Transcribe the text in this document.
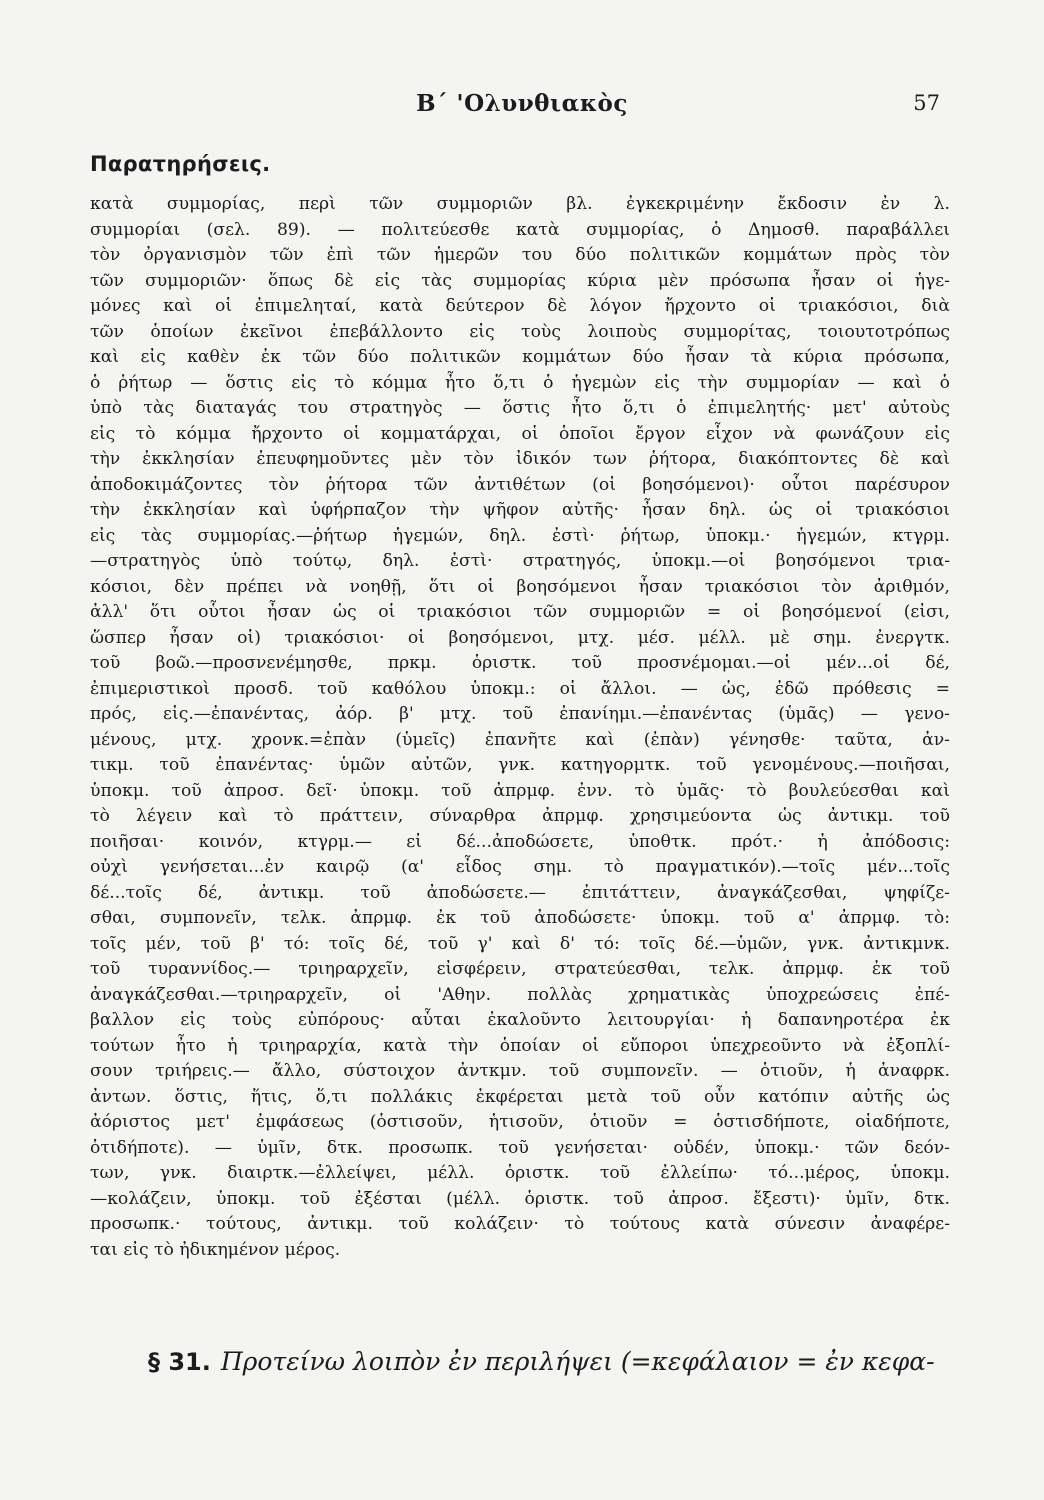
Β΄ 'Ολυνθιακὸς	57
Παρατηρήσεις.
κατὰ συμμορίας, περὶ τῶν συμμοριῶν βλ. ἐγκεκριμένην ἔκδοσιν ἐν λ.
συμμορίαι (σελ. 89). — πολιτεύεσθε κατὰ συμμορίας, ὁ Δημοσθ. παραβάλλει
τὸν ὀργανισμὸν τῶν ἐπὶ τῶν ἡμερῶν του δύο πολιτικῶν κομμάτων πρὸς τὸν
τῶν συμμοριῶν· ὅπως δὲ εἰς τὰς συμμορίας κύρια μὲν πρόσωπα ἦσαν οἱ ἡγε-
μόνες καὶ οἱ ἐπιμεληταί, κατὰ δεύτερον δὲ λόγον ἤρχοντο οἱ τριακόσιοι, διὰ
τῶν ὁποίων ἐκεῖνοι ἐπεβάλλοντο εἰς τοὺς λοιποὺς συμμορίτας, τοιουτοτρόπως
καὶ εἰς καθὲν ἐκ τῶν δύο πολιτικῶν κομμάτων δύο ἦσαν τὰ κύρια πρόσωπα,
ὁ ῥήτωρ — ὅστις εἰς τὸ κόμμα ἦτο ὅ,τι ὁ ἡγεμὼν εἰς τὴν συμμορίαν — καὶ ὁ
ὑπὸ τὰς διαταγάς του στρατηγὸς — ὅστις ἦτο ὅ,τι ὁ ἐπιμελητής· μετ' αὐτοὺς
εἰς τὸ κόμμα ἤρχοντο οἱ κομματάρχαι, οἱ ὁποῖοι ἔργον εἶχον νὰ φωνάζουν εἰς
τὴν ἐκκλησίαν ἐπευφημοῦντες μὲν τὸν ἰδικόν των ῥήτορα, διακόπτοντες δὲ καὶ
ἀποδοκιμάζοντες τὸν ῥήτορα τῶν ἀντιθέτων (οἱ βοησόμενοι)· οὗτοι παρέσυρον
τὴν ἐκκλησίαν καὶ ὑφήρπαζον τὴν ψῆφον αὐτῆς· ἦσαν δηλ. ὡς οἱ τριακόσιοι
εἰς τὰς συμμορίας.—ῥήτωρ ἡγεμών, δηλ. ἐστὶ· ῥήτωρ, ὑποκμ.· ἡγεμών, κτγρμ.
—στρατηγὸς ὑπὸ τούτῳ, δηλ. ἐστὶ· στρατηγός, ὑποκμ.—οἱ βοησόμενοι τρια-
κόσιοι, δὲν πρέπει νὰ νοηθῇ, ὅτι οἱ βοησόμενοι ἦσαν τριακόσιοι τὸν ἀριθμόν,
ἀλλ' ὅτι οὗτοι ἦσαν ὡς οἱ τριακόσιοι τῶν συμμοριῶν = οἱ βοησόμενοί (εἰσι,
ὥσπερ ἦσαν οἱ) τριακόσιοι· οἱ βοησόμενοι, μτχ. μέσ. μέλλ. μὲ σημ. ἐνεργτκ.
τοῦ βοῶ.—προσνενέμησθε, πρκμ. ὁριστκ. τοῦ προσνέμομαι.—οἱ μέν...οἱ δέ,
ἐπιμεριστικοὶ προσδ. τοῦ καθόλου ὑποκμ.: οἱ ἄλλοι. — ὡς, ἐδῶ πρόθεσις =
πρός, εἰς.—ἐπανέντας, ἀόρ. β' μτχ. τοῦ ἐπανίημι.—ἐπανέντας (ὑμᾶς) — γενο-
μένους, μτχ. χρονκ.=ἐπὰν (ὑμεῖς) ἐπανῆτε καὶ (ἐπὰν) γένησθε· ταῦτα, ἀν-
τικμ. τοῦ ἐπανέντας· ὑμῶν αὐτῶν, γνκ. κατηγορμτκ. τοῦ γενομένους.—ποιῆσαι,
ὑποκμ. τοῦ ἀπροσ. δεῖ· ὑποκμ. τοῦ ἀπρμφ. ἐνν. τὸ ὑμᾶς· τὸ βουλεύεσθαι καὶ
τὸ λέγειν καὶ τὸ πράττειν, σύναρθρα ἀπρμφ. χρησιμεύοντα ὡς ἀντικμ. τοῦ
ποιῆσαι· κοινόν, κτγρμ.— εἰ δέ...ἀποδώσετε, ὑποθτκ. πρότ.· ἡ ἀπόδοσις:
οὐχὶ γενήσεται...ἐν καιρῷ (α' εἶδος σημ. τὸ πραγματικόν).—τοῖς μέν...τοῖς
δέ...τοῖς δέ, ἀντικμ. τοῦ ἀποδώσετε.— ἐπιτάττειν, ἀναγκάζεσθαι, ψηφίζε-
σθαι, συμπονεῖν, τελκ. ἀπρμφ. ἐκ τοῦ ἀποδώσετε· ὑποκμ. τοῦ α' ἀπρμφ. τὸ:
τοῖς μέν, τοῦ β' τό: τοῖς δέ, τοῦ γ' καὶ δ' τό: τοῖς δέ.—ὑμῶν, γνκ. ἀντικμνκ.
τοῦ τυραννίδος.— τριηραρχεῖν, εἰσφέρειν, στρατεύεσθαι, τελκ. ἀπρμφ. ἐκ τοῦ
ἀναγκάζεσθαι.—τριηραρχεῖν, οἱ 'Αθην. πολλὰς χρηματικὰς ὑποχρεώσεις ἐπέ-
βαλλον εἰς τοὺς εὐπόρους· αὗται ἐκαλοῦντο λειτουργίαι· ἡ δαπανηροτέρα ἐκ
τούτων ἦτο ἡ τριηραρχία, κατὰ τὴν ὁποίαν οἱ εὔποροι ὑπεχρεοῦντο νὰ ἐξοπλί-
σουν τριήρεις.— ἄλλο, σύστοιχον ἀντκμν. τοῦ συμπονεῖν. — ὁτιοῦν, ἡ ἀναφρκ.
ἀντων. ὅστις, ἥτις, ὅ,τι πολλάκις ἐκφέρεται μετὰ τοῦ οὖν κατόπιν αὐτῆς ὡς
ἀόριστος μετ' ἐμφάσεως (ὁστισοῦν, ἡτισοῦν, ὁτιοῦν = ὁστισδήποτε, οἱαδήποτε,
ὁτιδήποτε). — ὑμῖν, δτκ. προσωπκ. τοῦ γενήσεται· οὐδέν, ὑποκμ.· τῶν δεόν-
των, γνκ. διαιρτκ.—ἐλλείψει, μέλλ. ὁριστκ. τοῦ ἐλλείπω· τό...μέρος, ὑποκμ.
—κολάζειν, ὑποκμ. τοῦ ἐξέσται (μέλλ. ὁριστκ. τοῦ ἀπροσ. ἔξεστι)· ὑμῖν, δτκ.
προσωπκ.· τούτους, ἀντικμ. τοῦ κολάζειν· τὸ τούτους κατὰ σύνεσιν ἀναφέρε-
ται εἰς τὸ ἠδικημένον μέρος.
§ 31. Προτείνω λοιπὸν ἐν περιλήψει (=κεφάλαιον = ἐν κεφα-
